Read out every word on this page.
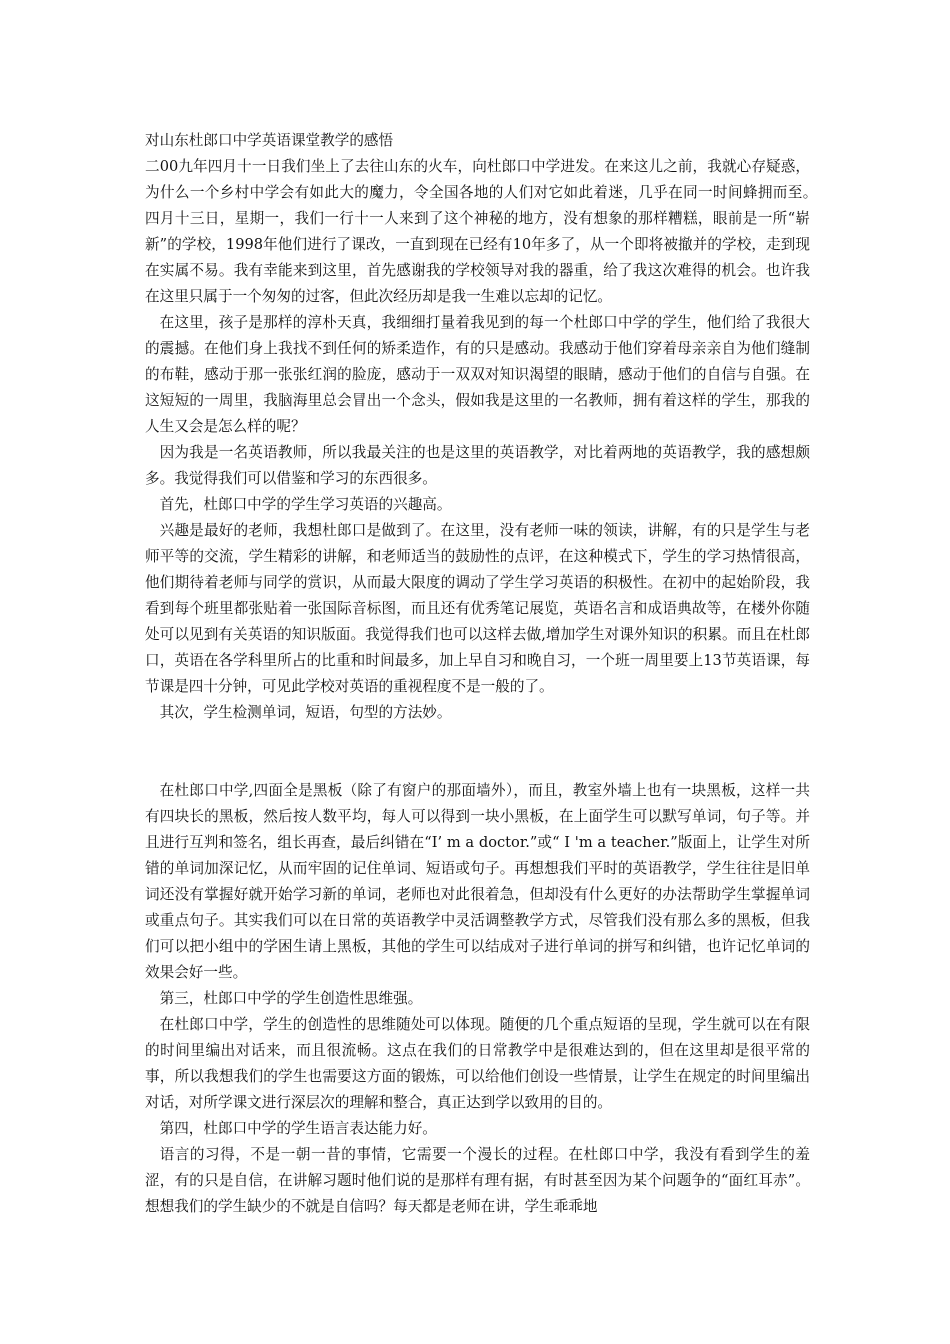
对山东杜郎口中学英语课堂教学的感悟

二00九年四月十一日我们坐上了去往山东的火车，向杜郎口中学进发。在来这儿之前，我就心存疑惑，为什么一个乡村中学会有如此大的魔力，令全国各地的人们对它如此着迷，几乎在同一时间蜂拥而至。　四月十三日，星期一，我们一行十一人来到了这个神秘的地方，没有想象的那样糟糕，眼前是一所“崭新”的学校，1998年他们进行了课改，一直到现在已经有10年多了，从一个即将被撤并的学校，走到现在实属不易。我有幸能来到这里，首先感谢我的学校领导对我的器重，给了我这次难得的机会。也许我在这里只属于一个匆匆的过客，但此次经历却是我一生难以忘却的记忆。

在这里，孩子是那样的淳朴天真，我细细打量着我见到的每一个杜郎口中学的学生，他们给了我很大的震撼。在他们身上我找不到任何的矫柔造作，有的只是感动。我感动于他们穿着母亲亲自为他们缝制的布鞋，感动于那一张张红润的脸庞，感动于一双双对知识渴望的眼睛，感动于他们的自信与自强。在这短短的一周里，我脑海里总会冒出一个念头，假如我是这里的一名教师，拥有着这样的学生，那我的人生又会是怎么样的呢？

因为我是一名英语教师，所以我最关注的也是这里的英语教学，对比着两地的英语教学，我的感想颇多。我觉得我们可以借鉴和学习的东西很多。

首先，杜郎口中学的学生学习英语的兴趣高。

兴趣是最好的老师，我想杜郎口是做到了。在这里，没有老师一味的领读，讲解，有的只是学生与老师平等的交流，学生精彩的讲解，和老师适当的鼓励性的点评，在这种模式下，学生的学习热情很高，他们期待着老师与同学的赏识，从而最大限度的调动了学生学习英语的积极性。在初中的起始阶段，我看到每个班里都张贴着一张国际音标图，而且还有优秀笔记展览，英语名言和成语典故等，在楼外你随处可以见到有关英语的知识版面。我觉得我们也可以这样去做,增加学生对课外知识的积累。而且在杜郎口，英语在各学科里所占的比重和时间最多，加上早自习和晚自习，一个班一周里要上13节英语课，每节课是四十分钟，可见此学校对英语的重视程度不是一般的了。

其次，学生检测单词，短语，句型的方法妙。

在杜郎口中学,四面全是黑板（除了有窗户的那面墙外），而且，教室外墙上也有一块黑板，这样一共有四块长的黑板，然后按人数平均，每人可以得到一块小黑板，在上面学生可以默写单词，句子等。并且进行互判和签名，组长再查，最后纠错在“I’ m a doctor.”或“ I 'm a teacher.”版面上，让学生对所错的单词加深记忆，从而牢固的记住单词、短语或句子。再想想我们平时的英语教学，学生往往是旧单词还没有掌握好就开始学习新的单词，老师也对此很着急，但却没有什么更好的办法帮助学生掌握单词或重点句子。其实我们可以在日常的英语教学中灵活调整教学方式，尽管我们没有那么多的黑板，但我们可以把小组中的学困生请上黑板，其他的学生可以结成对子进行单词的拼写和纠错，也许记忆单词的效果会好一些。

第三，杜郎口中学的学生创造性思维强。

在杜郎口中学，学生的创造性的思维随处可以体现。随便的几个重点短语的呈现，学生就可以在有限的时间里编出对话来，而且很流畅。这点在我们的日常教学中是很难达到的，但在这里却是很平常的事，所以我想我们的学生也需要这方面的锻炼，可以给他们创设一些情景，让学生在规定的时间里编出对话，对所学课文进行深层次的理解和整合，真正达到学以致用的目的。

第四，杜郎口中学的学生语言表达能力好。

语言的习得，不是一朝一昔的事情，它需要一个漫长的过程。在杜郎口中学，我没有看到学生的羞涩，有的只是自信，在讲解习题时他们说的是那样有理有据，有时甚至因为某个问题争的“面红耳赤”。想想我们的学生缺少的不就是自信吗？每天都是老师在讲，学生乖乖地
